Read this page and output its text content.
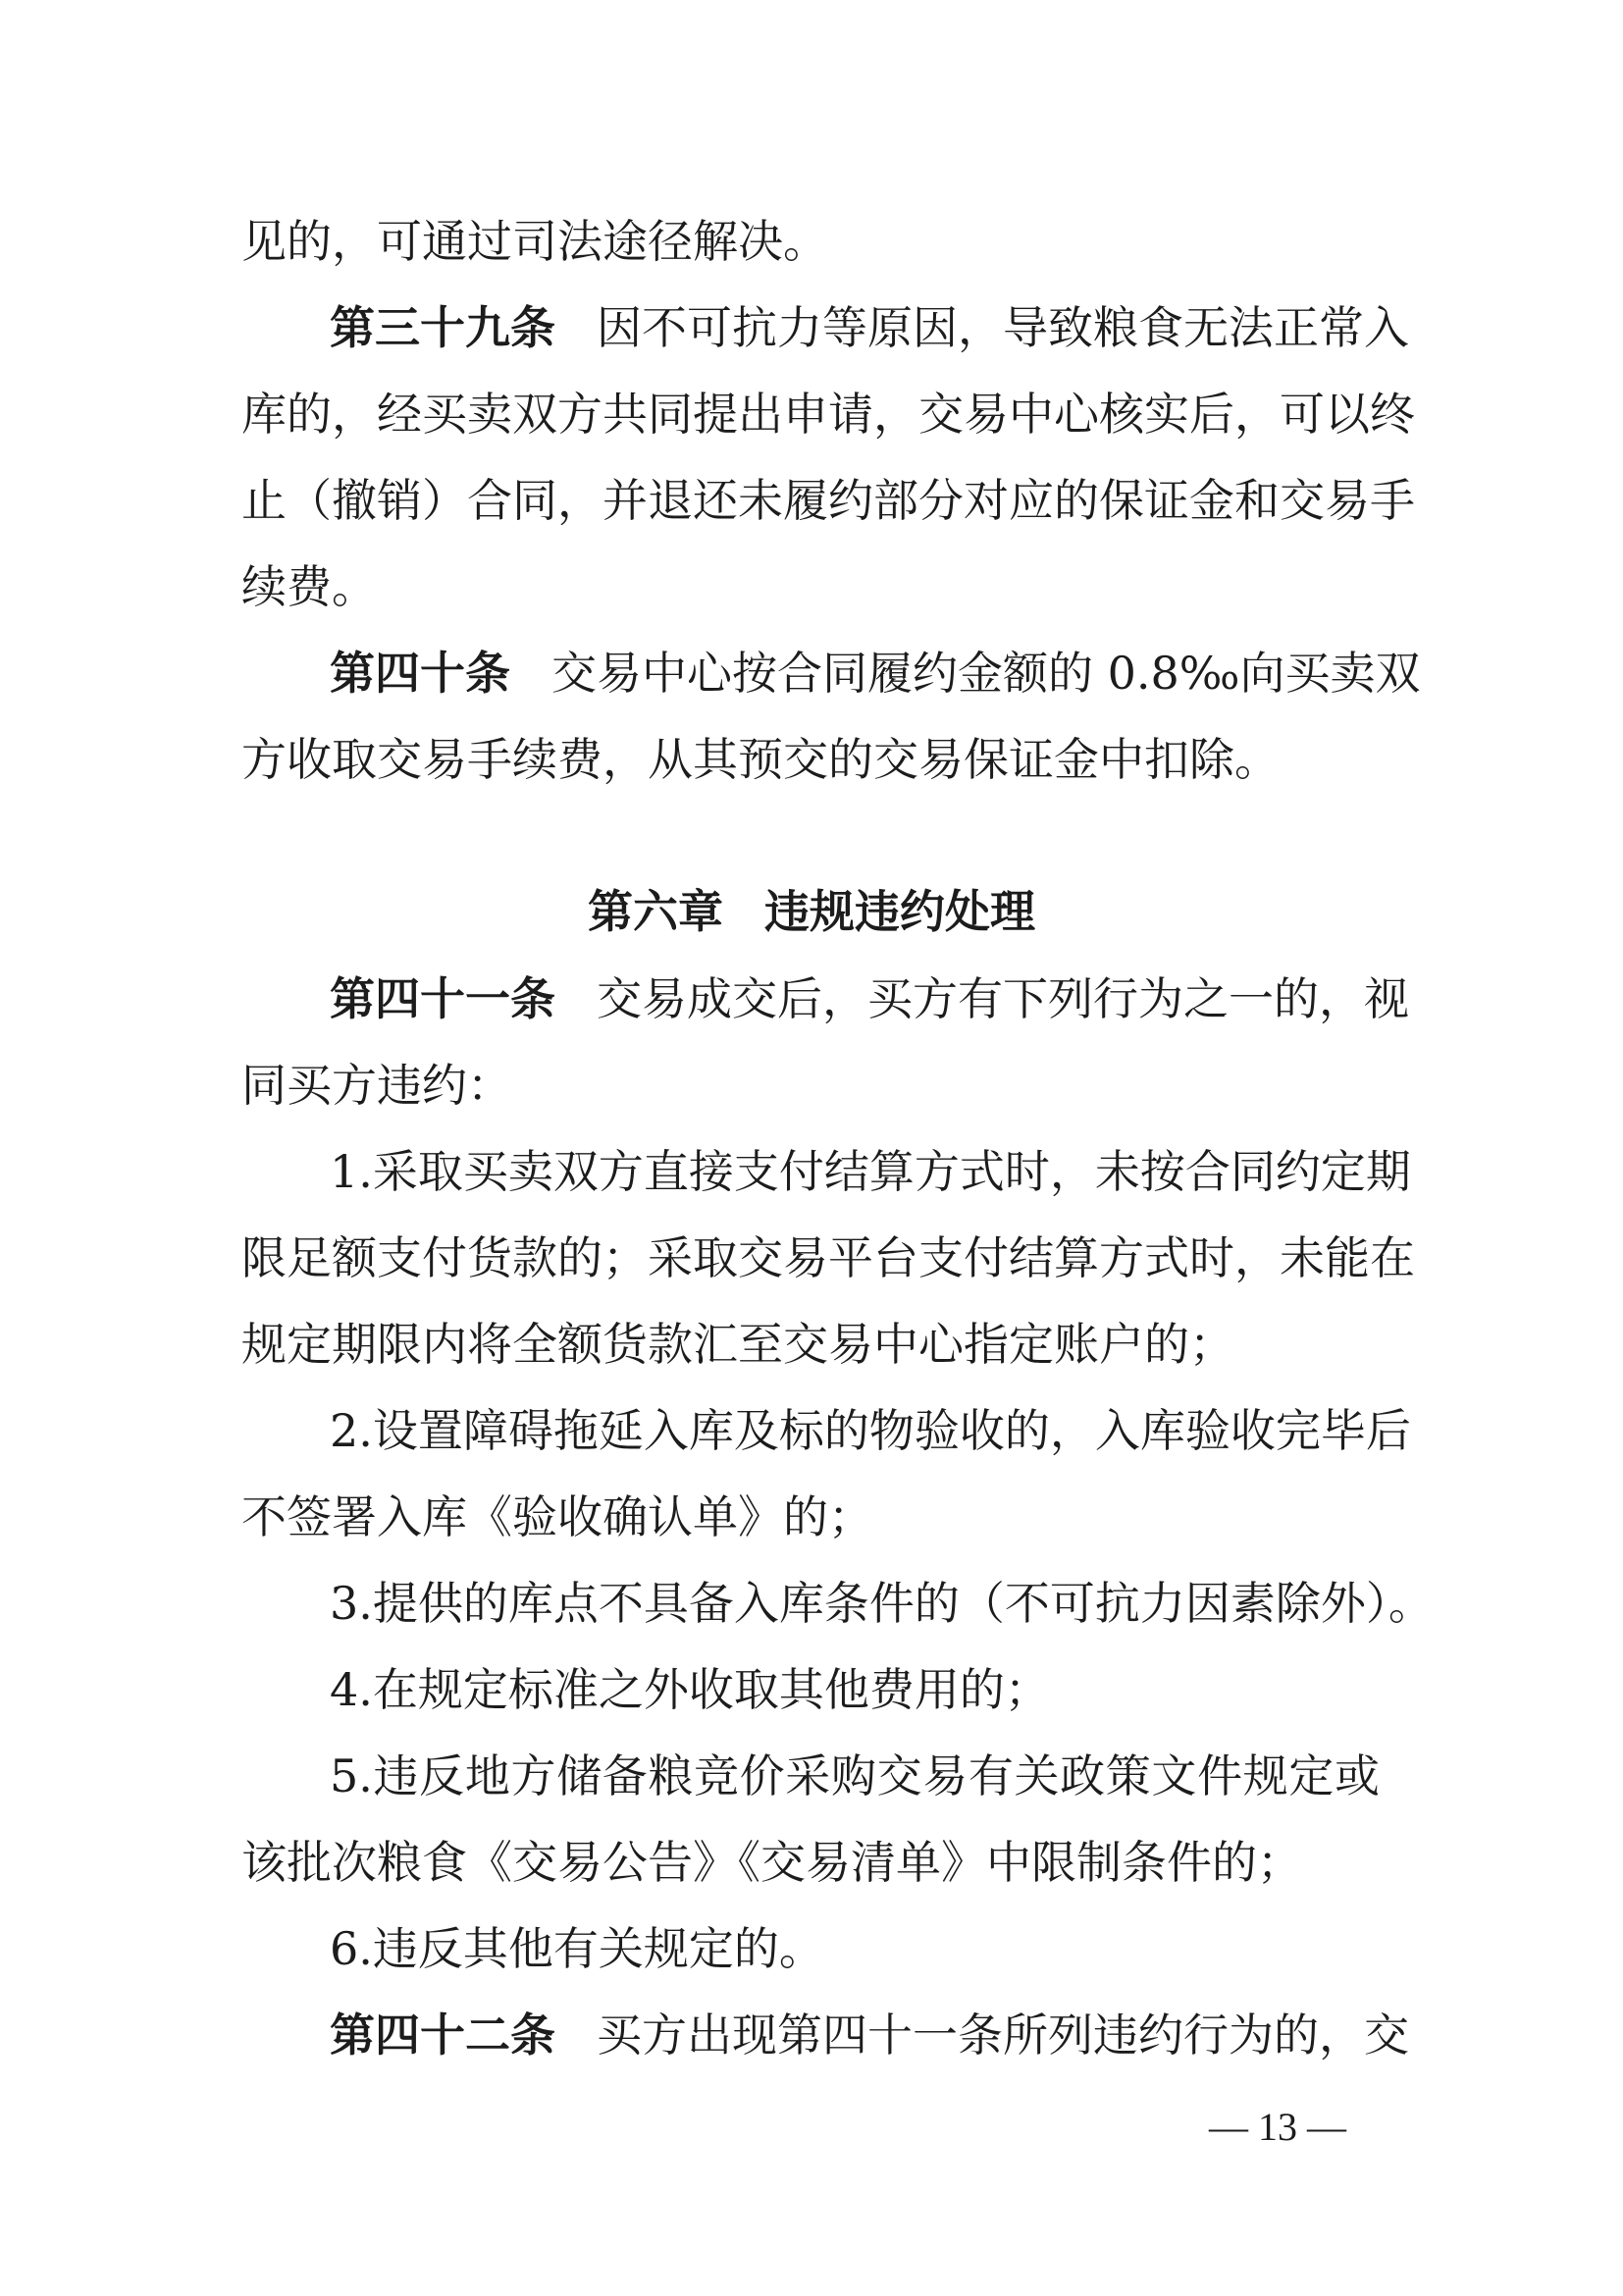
见的，可通过司法途径解决。
第三十九条 因不可抗力等原因，导致粮食无法正常入
库的，经买卖双方共同提出申请，交易中心核实后，可以终
止（撤销）合同，并退还未履约部分对应的保证金和交易手
续费。
第四十条 交易中心按合同履约金额的 0.8‰向买卖双
方收取交易手续费，从其预交的交易保证金中扣除。
第六章 违规违约处理
第四十一条 交易成交后，买方有下列行为之一的，视
同买方违约：
1.采取买卖双方直接支付结算方式时，未按合同约定期
限足额支付货款的；采取交易平台支付结算方式时，未能在
规定期限内将全额货款汇至交易中心指定账户的；
2.设置障碍拖延入库及标的物验收的，入库验收完毕后
不签署入库《验收确认单》的；
3.提供的库点不具备入库条件的（不可抗力因素除外）。
4.在规定标准之外收取其他费用的；
5.违反地方储备粮竞价采购交易有关政策文件规定或
该批次粮食《交易公告》《交易清单》中限制条件的；
6.违反其他有关规定的。
第四十二条 买方出现第四十一条所列违约行为的，交
— 13 —
